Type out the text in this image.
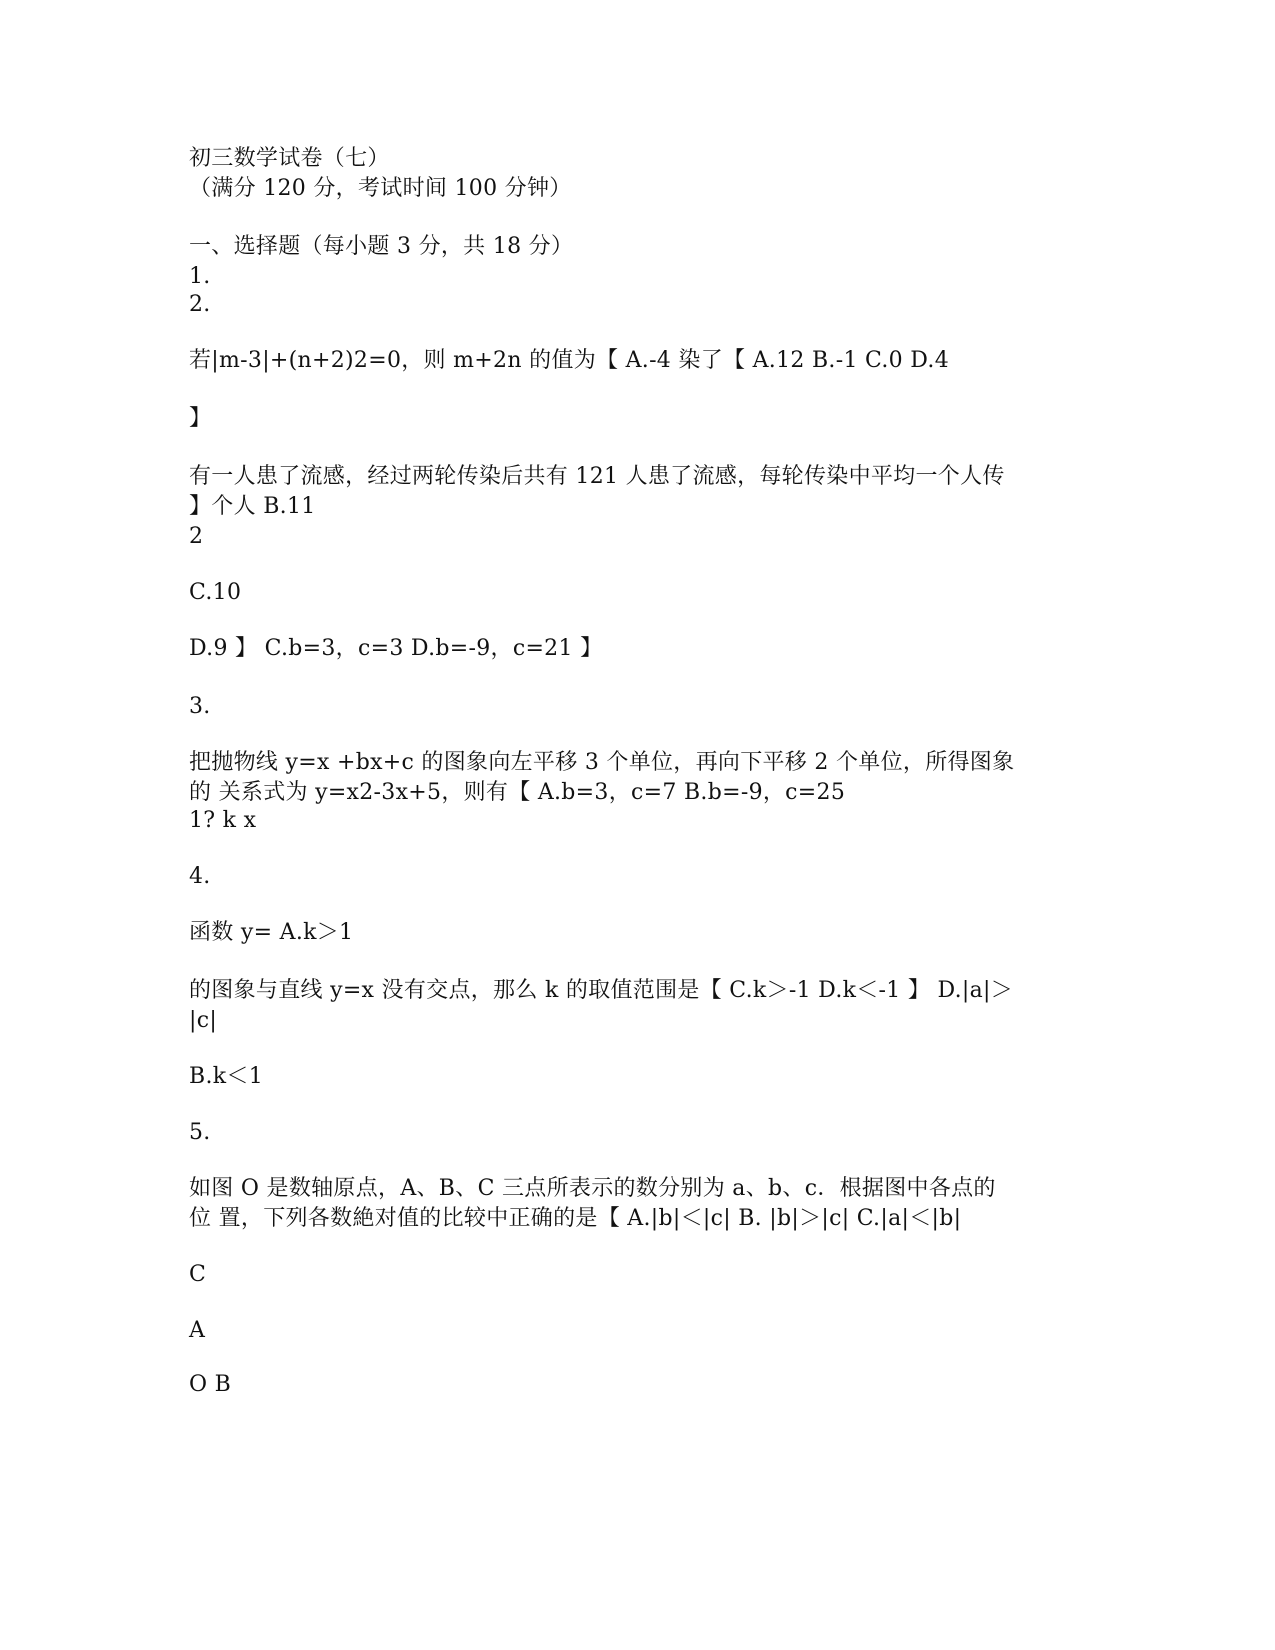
初三数学试卷（七）
（满分 120 分，考试时间 100 分钟）
一、选择题（每小题 3 分，共 18 分）
1.
2.
若|m-3|+(n+2)2=0，则 m+2n 的值为【 A.-4 染了【 A.12 B.-1 C.0 D.4
】
有一人患了流感，经过两轮传染后共有 121 人患了流感，每轮传染中平均一个人传
】个人 B.11
2
C.10
D.9 】 C.b=3，c=3 D.b=-9，c=21 】
3.
把抛物线 y=x +bx+c 的图象向左平移 3 个单位，再向下平移 2 个单位，所得图象
的 关系式为 y=x2-3x+5，则有【 A.b=3，c=7 B.b=-9，c=25
1? k x
4.
函数 y= A.k＞1
的图象与直线 y=x 没有交点，那么 k 的取值范围是【 C.k＞-1 D.k＜-1 】 D.|a|＞
|c|
B.k＜1
5.
如图 O 是数轴原点，A、B、C 三点所表示的数分别为 a、b、c．根据图中各点的
位 置，下列各数絶对值的比较中正确的是【 A.|b|＜|c| B. |b|＞|c| C.|a|＜|b|
C
A
O B
